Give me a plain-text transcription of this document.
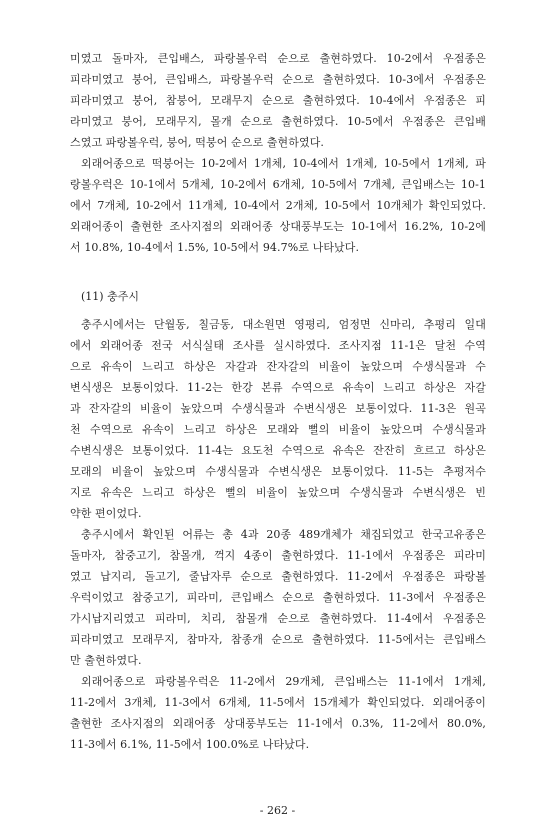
미였고 돌마자, 큰입배스, 파랑볼우럭 순으로 출현하였다. 10-2에서 우점종은

피라미였고 붕어, 큰입배스, 파랑볼우럭 순으로 출현하였다. 10-3에서 우점종은

피라미였고 붕어, 참붕어, 모래무지 순으로 출현하였다. 10-4에서 우점종은 피

라미였고 붕어, 모래무지, 몰개 순으로 출현하였다. 10-5에서 우점종은 큰입배

스였고 파랑볼우럭, 붕어, 떡붕어 순으로 출현하였다.

외래어종으로 떡붕어는 10-2에서 1개체, 10-4에서 1개체, 10-5에서 1개체, 파

랑볼우럭은 10-1에서 5개체, 10-2에서 6개체, 10-5에서 7개체, 큰입배스는 10-1

에서 7개체, 10-2에서 11개체, 10-4에서 2개체, 10-5에서 10개체가 확인되었다.

외래어종이 출현한 조사지점의 외래어종 상대풍부도는 10-1에서 16.2%, 10-2에

서 10.8%, 10-4에서 1.5%, 10-5에서 94.7%로 나타났다.

(11) 충주시

충주시에서는 단월동, 칠금동, 대소원면 영평리, 엄정면 신마리, 추평리 일대

에서 외래어종 전국 서식실태 조사를 실시하였다. 조사지점 11-1은 달천 수역

으로 유속이 느리고 하상은 자갈과 잔자갈의 비율이 높았으며 수생식물과 수

변식생은 보통이었다. 11-2는 한강 본류 수역으로 유속이 느리고 하상은 자갈

과 잔자갈의 비율이 높았으며 수생식물과 수변식생은 보통이었다. 11-3은 원곡

천 수역으로 유속이 느리고 하상은 모래와 뻘의 비율이 높았으며 수생식물과

수변식생은 보통이었다. 11-4는 요도천 수역으로 유속은 잔잔히 흐르고 하상은

모래의 비율이 높았으며 수생식물과 수변식생은 보통이었다. 11-5는 추평저수

지로 유속은 느리고 하상은 뻘의 비율이 높았으며 수생식물과 수변식생은 빈

약한 편이었다.

충주시에서 확인된 어류는 총 4과 20종 489개체가 채집되었고 한국고유종은

돌마자, 참중고기, 참몰개, 꺽지 4종이 출현하였다. 11-1에서 우점종은 피라미

였고 납지리, 돌고기, 줄납자루 순으로 출현하였다. 11-2에서 우점종은 파랑볼

우럭이었고 참중고기, 피라미, 큰입배스 순으로 출현하였다. 11-3에서 우점종은

가시납지리였고 피라미, 치리, 참몰개 순으로 출현하였다. 11-4에서 우점종은

피라미였고 모래무지, 참마자, 참종개 순으로 출현하였다. 11-5에서는 큰입배스

만 출현하였다.

외래어종으로 파랑볼우럭은 11-2에서 29개체, 큰입배스는 11-1에서 1개체,

11-2에서 3개체, 11-3에서 6개체, 11-5에서 15개체가 확인되었다. 외래어종이

출현한 조사지점의 외래어종 상대풍부도는 11-1에서 0.3%, 11-2에서 80.0%,

11-3에서 6.1%, 11-5에서 100.0%로 나타났다.

- 262 -
